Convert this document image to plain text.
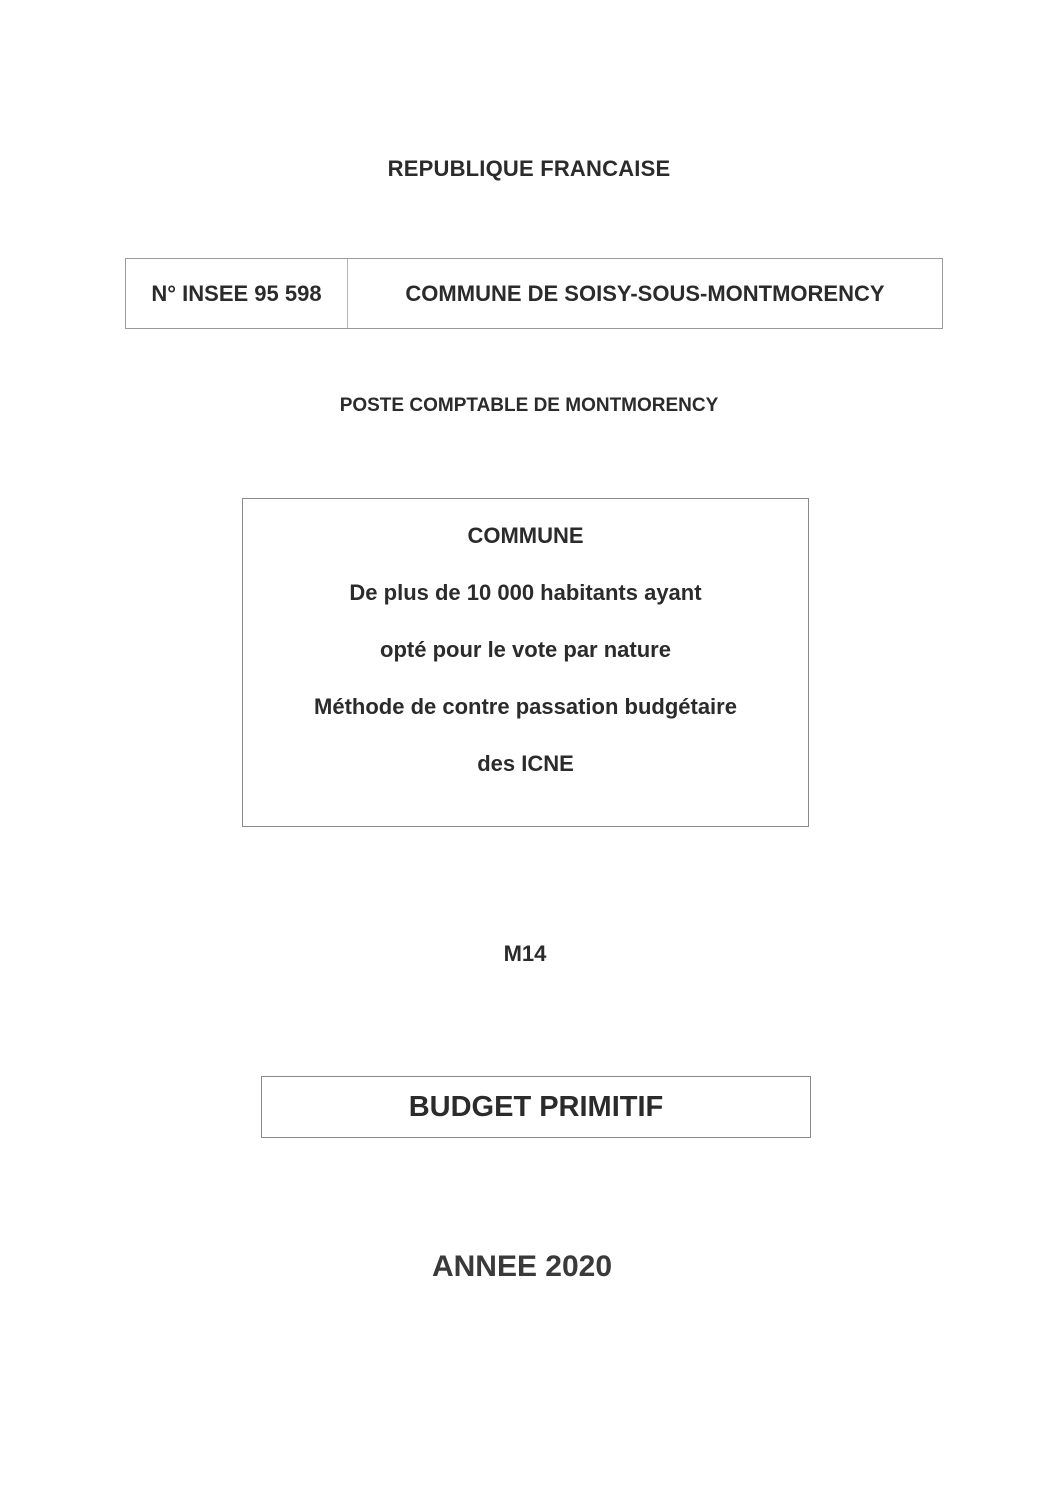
REPUBLIQUE FRANCAISE
N° INSEE 95 598	COMMUNE DE SOISY-SOUS-MONTMORENCY
POSTE COMPTABLE DE MONTMORENCY
COMMUNE
De plus de 10 000 habitants ayant
opté pour le vote par nature
Méthode de contre passation budgétaire
des ICNE
M14
BUDGET PRIMITIF
ANNEE 2020
